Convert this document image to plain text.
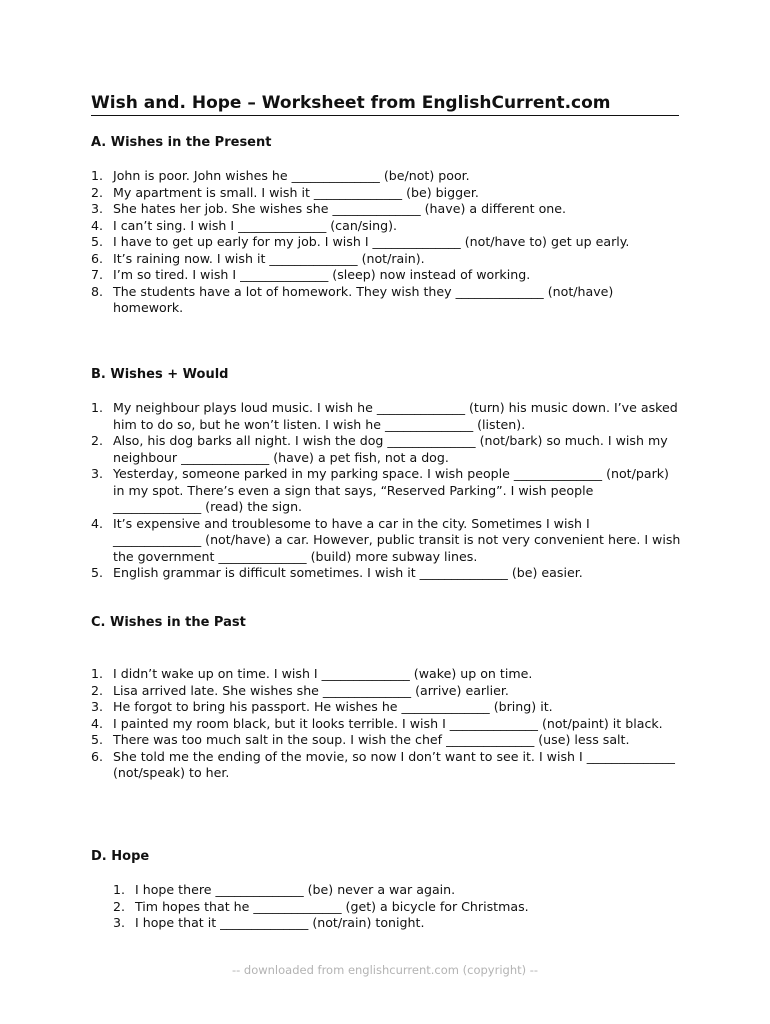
Wish and. Hope – Worksheet from EnglishCurrent.com
A. Wishes in the Present
1. John is poor. John wishes he ______________ (be/not) poor.
2. My apartment is small. I wish it ______________ (be) bigger.
3. She hates her job. She wishes she ______________ (have) a different one.
4. I can’t sing. I wish I ______________ (can/sing).
5. I have to get up early for my job. I wish I ______________ (not/have to) get up early.
6. It’s raining now. I wish it ______________ (not/rain).
7. I’m so tired. I wish I ______________ (sleep) now instead of working.
8. The students have a lot of homework. They wish they ______________ (not/have) homework.
B. Wishes + Would
1. My neighbour plays loud music. I wish he ______________ (turn) his music down. I’ve asked him to do so, but he won’t listen. I wish he ______________ (listen).
2. Also, his dog barks all night. I wish the dog ______________ (not/bark) so much. I wish my neighbour ______________ (have) a pet fish, not a dog.
3. Yesterday, someone parked in my parking space. I wish people ______________ (not/park) in my spot. There’s even a sign that says, “Reserved Parking”. I wish people ______________ (read) the sign.
4. It’s expensive and troublesome to have a car in the city. Sometimes I wish I ______________ (not/have) a car. However, public transit is not very convenient here. I wish the government ______________ (build) more subway lines.
5. English grammar is difficult sometimes. I wish it ______________ (be) easier.
C. Wishes in the Past
1. I didn’t wake up on time. I wish I ______________ (wake) up on time.
2. Lisa arrived late. She wishes she ______________ (arrive) earlier.
3. He forgot to bring his passport. He wishes he ______________ (bring) it.
4. I painted my room black, but it looks terrible. I wish I ______________ (not/paint) it black.
5. There was too much salt in the soup. I wish the chef ______________ (use) less salt.
6. She told me the ending of the movie, so now I don’t want to see it. I wish I ______________ (not/speak) to her.
D. Hope
1. I hope there ______________ (be) never a war again.
2. Tim hopes that he ______________ (get) a bicycle for Christmas.
3. I hope that it ______________ (not/rain) tonight.
-- downloaded from englishcurrent.com (copyright) --
